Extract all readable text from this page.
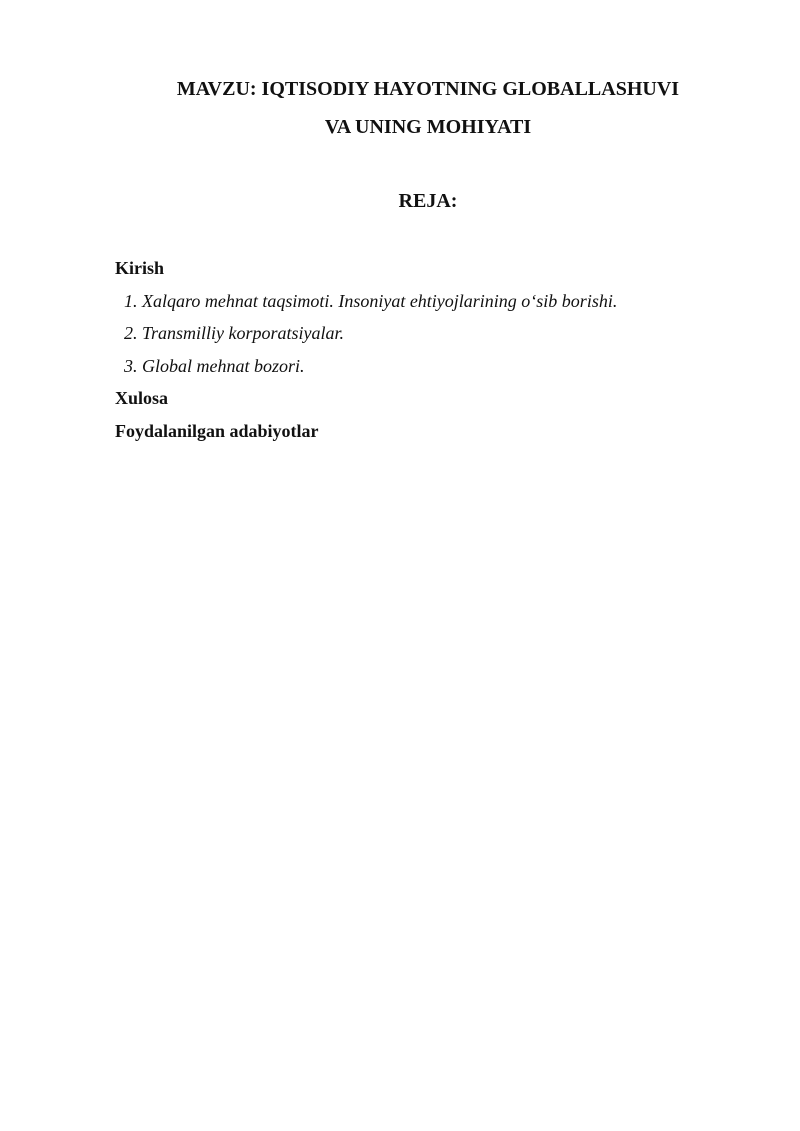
MAVZU: IQTISODIY HAYOTNING GLOBALLASHUVI
VA UNING MOHIYATI
REJA:
Kirish
1. Xalqaro mehnat taqsimoti. Insoniyat ehtiyojlarining o‘sib borishi.
2. Transmilliy korporatsiyalar.
3. Global mehnat bozori.
Xulosa
Foydalanilgan adabiyotlar
